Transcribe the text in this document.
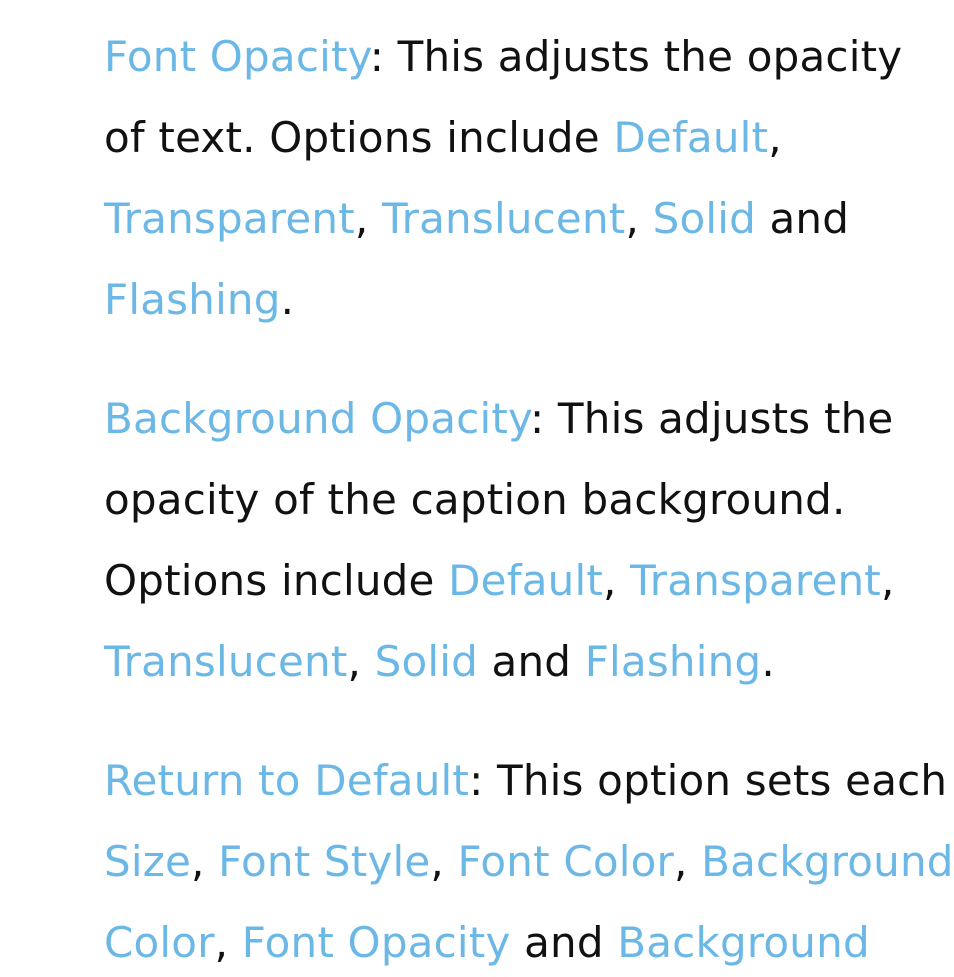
Font Opacity: This adjusts the opacity
of text. Options include Default,
Transparent, Translucent, Solid and
Flashing.
Background Opacity: This adjusts the
opacity of the caption background.
Options include Default, Transparent,
Translucent, Solid and Flashing.
Return to Default: This option sets each
Size, Font Style, Font Color, Background
Color, Font Opacity and Background
